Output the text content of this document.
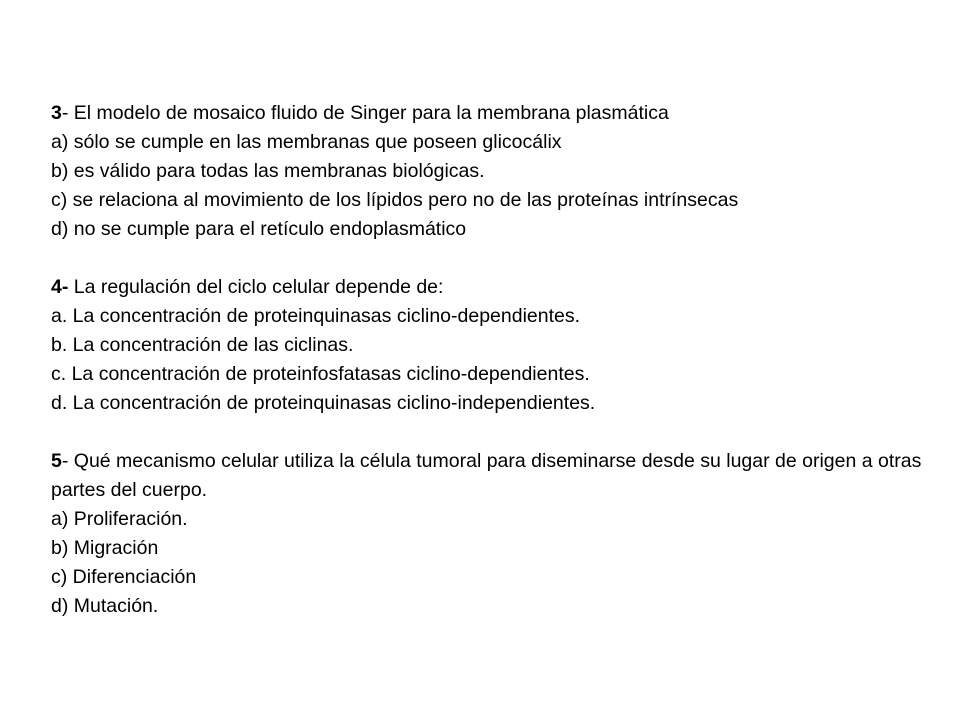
3- El modelo de mosaico fluido de Singer para la membrana plasmática

a) sólo se cumple en las membranas que poseen glicocálix

b) es válido para todas las membranas biológicas.

c) se relaciona al movimiento de los lípidos pero no de las proteínas intrínsecas

d) no se cumple para el retículo endoplasmático

4- La regulación del ciclo celular depende de:

a. La concentración de proteinquinasas ciclino-dependientes.

b. La concentración de las ciclinas.

c. La concentración de proteinfosfatasas ciclino-dependientes.

d. La concentración de proteinquinasas ciclino-independientes.

5- Qué mecanismo celular utiliza la célula tumoral para diseminarse desde su lugar de origen a otras partes del cuerpo.

a) Proliferación.

b) Migración

c) Diferenciación

d) Mutación.
